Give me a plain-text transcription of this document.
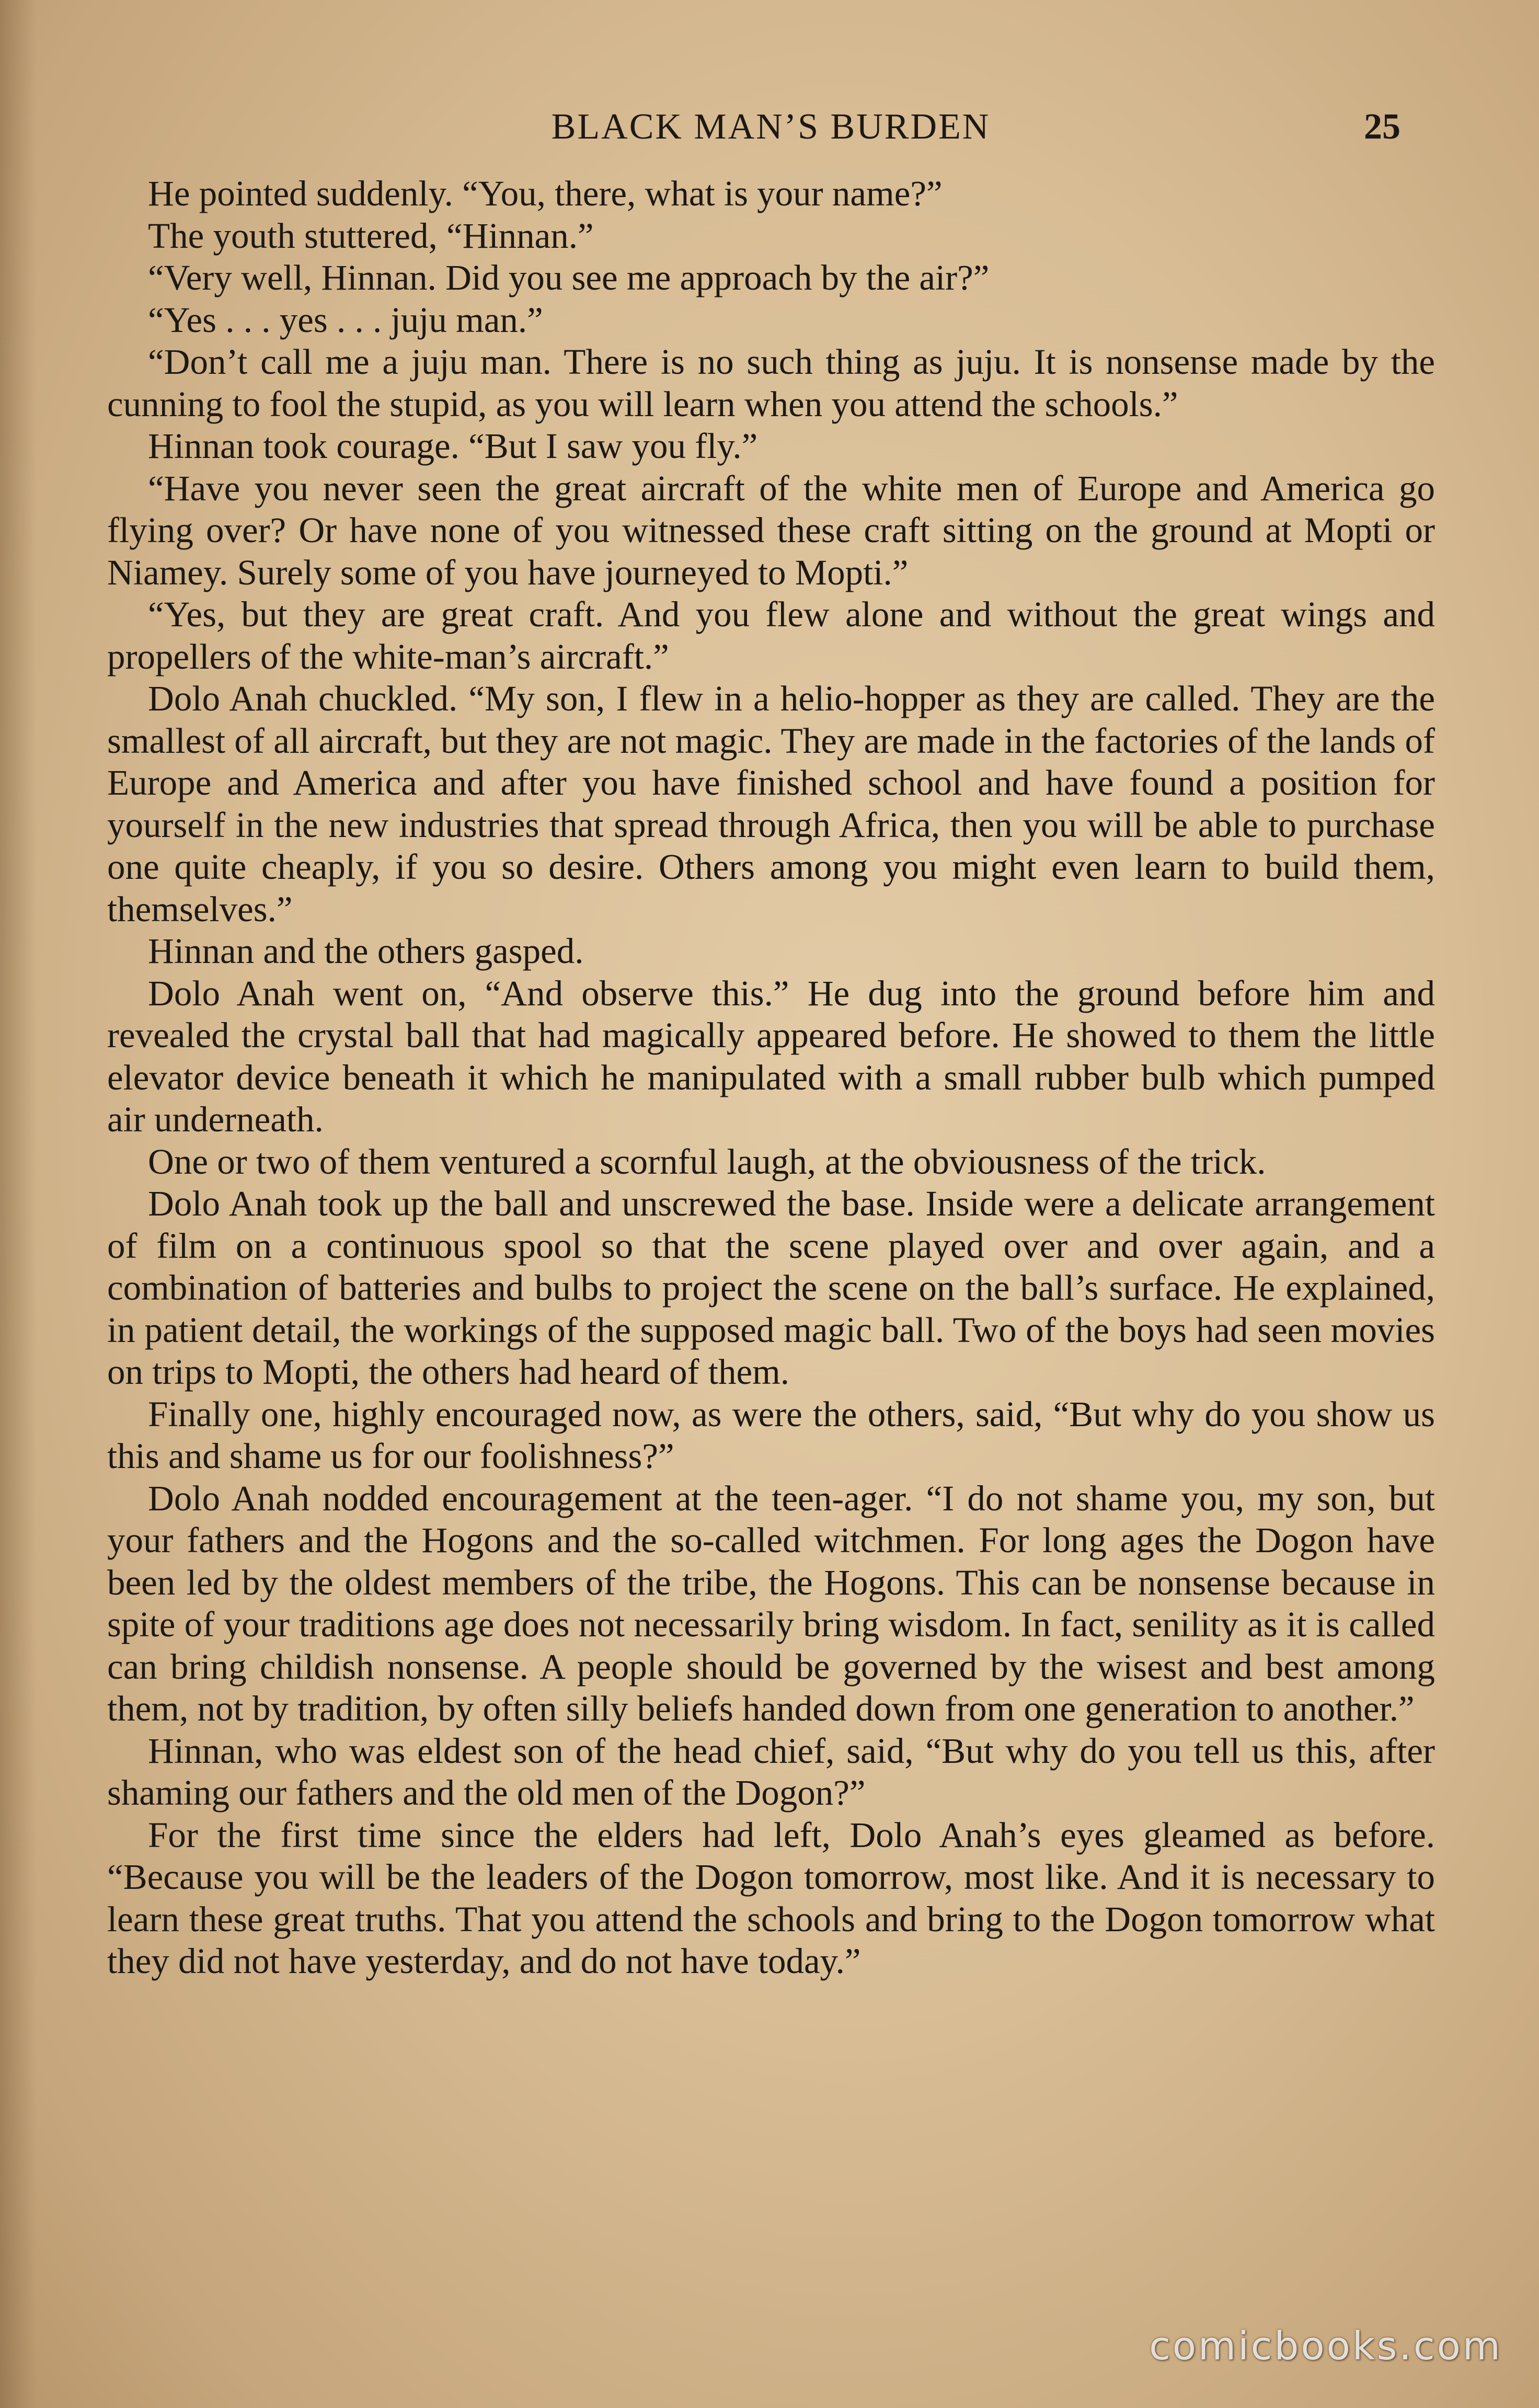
BLACK MAN’S BURDEN	25

He pointed suddenly. “You, there, what is your name?”

The youth stuttered, “Hinnan.”

“Very well, Hinnan. Did you see me approach by the air?”

“Yes . . . yes . . . juju man.”

“Don’t call me a juju man. There is no such thing as juju. It is nonsense made by the cunning to fool the stupid, as you will learn when you attend the schools.”

Hinnan took courage. “But I saw you fly.”

“Have you never seen the great aircraft of the white men of Europe and America go flying over? Or have none of you witnessed these craft sitting on the ground at Mopti or Niamey. Surely some of you have journeyed to Mopti.”

“Yes, but they are great craft. And you flew alone and without the great wings and propellers of the white-man’s aircraft.”

Dolo Anah chuckled. “My son, I flew in a helio-hopper as they are called. They are the smallest of all aircraft, but they are not magic. They are made in the factories of the lands of Europe and America and after you have finished school and have found a position for yourself in the new industries that spread through Africa, then you will be able to purchase one quite cheaply, if you so desire. Others among you might even learn to build them, themselves.”

Hinnan and the others gasped.

Dolo Anah went on, “And observe this.” He dug into the ground before him and revealed the crystal ball that had magically appeared before. He showed to them the little elevator device beneath it which he manipulated with a small rubber bulb which pumped air underneath.

One or two of them ventured a scornful laugh, at the obviousness of the trick.

Dolo Anah took up the ball and unscrewed the base. Inside were a delicate arrangement of film on a continuous spool so that the scene played over and over again, and a combination of batteries and bulbs to project the scene on the ball’s surface. He explained, in patient detail, the workings of the supposed magic ball. Two of the boys had seen movies on trips to Mopti, the others had heard of them.

Finally one, highly encouraged now, as were the others, said, “But why do you show us this and shame us for our foolishness?”

Dolo Anah nodded encouragement at the teen-ager. “I do not shame you, my son, but your fathers and the Hogons and the so-called witchmen. For long ages the Dogon have been led by the oldest members of the tribe, the Hogons. This can be nonsense because in spite of your traditions age does not necessarily bring wisdom. In fact, senility as it is called can bring childish nonsense. A people should be governed by the wisest and best among them, not by tradition, by often silly beliefs handed down from one generation to another.”

Hinnan, who was eldest son of the head chief, said, “But why do you tell us this, after shaming our fathers and the old men of the Dogon?”

For the first time since the elders had left, Dolo Anah’s eyes gleamed as before. “Because you will be the leaders of the Dogon tomorrow, most like. And it is necessary to learn these great truths. That you attend the schools and bring to the Dogon tomorrow what they did not have yesterday, and do not have today.”

comicbooks.com
